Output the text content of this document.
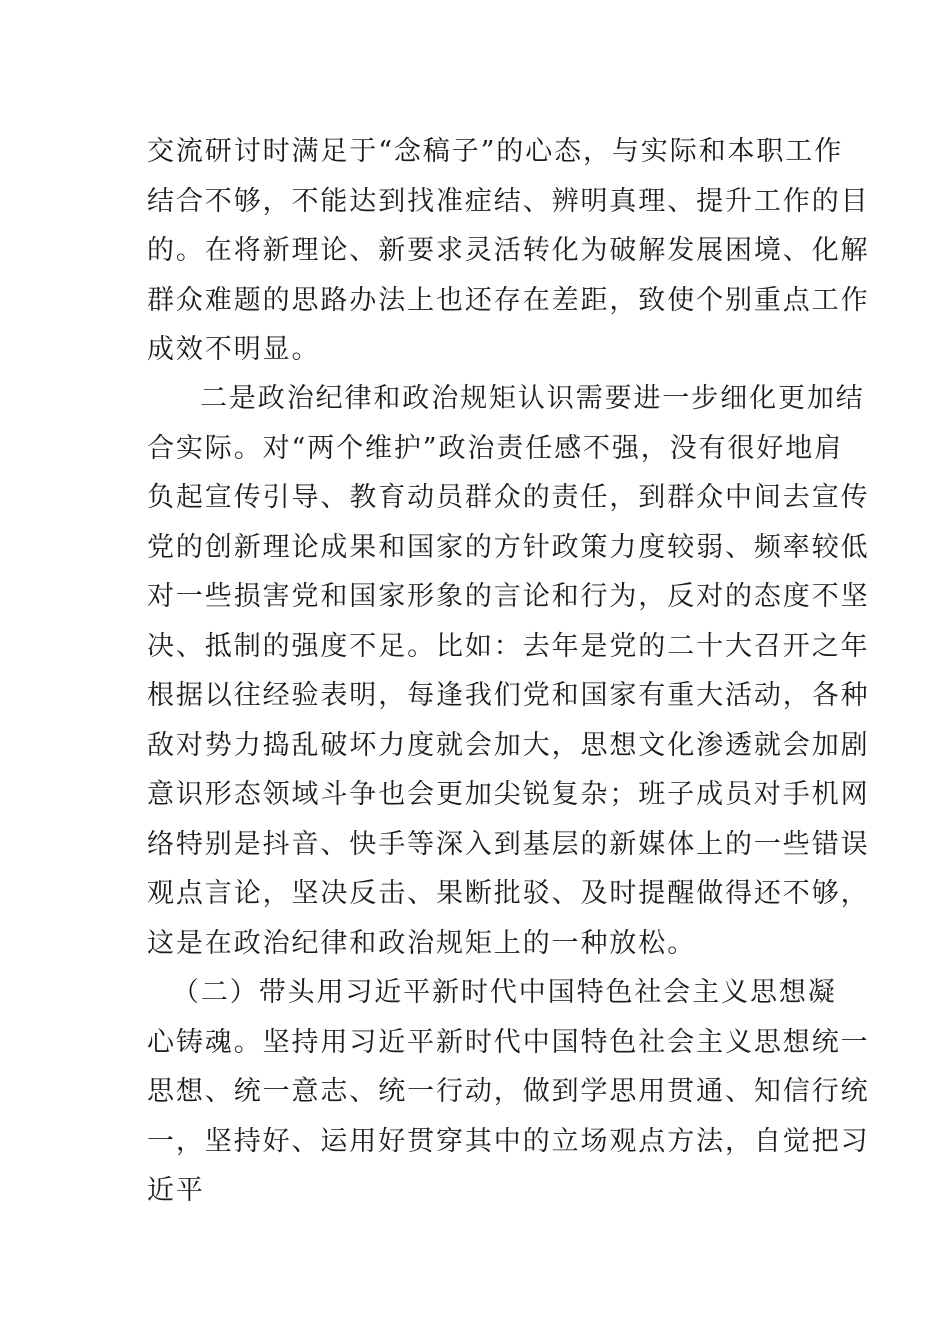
交流研讨时满足于“念稿子”的心态，与实际和本职工作
结合不够，不能达到找准症结、辨明真理、提升工作的目
的。在将新理论、新要求灵活转化为破解发展困境、化解
群众难题的思路办法上也还存在差距，致使个别重点工作
成效不明显。
二是政治纪律和政治规矩认识需要进一步细化更加结
合实际。对“两个维护”政治责任感不强，没有很好地肩
负起宣传引导、教育动员群众的责任，到群众中间去宣传
党的创新理论成果和国家的方针政策力度较弱、频率较低
对一些损害党和国家形象的言论和行为，反对的态度不坚
决、抵制的强度不足。比如：去年是党的二十大召开之年
根据以往经验表明，每逢我们党和国家有重大活动，各种
敌对势力捣乱破坏力度就会加大，思想文化渗透就会加剧
意识形态领域斗争也会更加尖锐复杂；班子成员对手机网
络特别是抖音、快手等深入到基层的新媒体上的一些错误
观点言论，坚决反击、果断批驳、及时提醒做得还不够，
这是在政治纪律和政治规矩上的一种放松。
（二）带头用习近平新时代中国特色社会主义思想凝
心铸魂。坚持用习近平新时代中国特色社会主义思想统一
思想、统一意志、统一行动，做到学思用贯通、知信行统
一，坚持好、运用好贯穿其中的立场观点方法，自觉把习
近平
